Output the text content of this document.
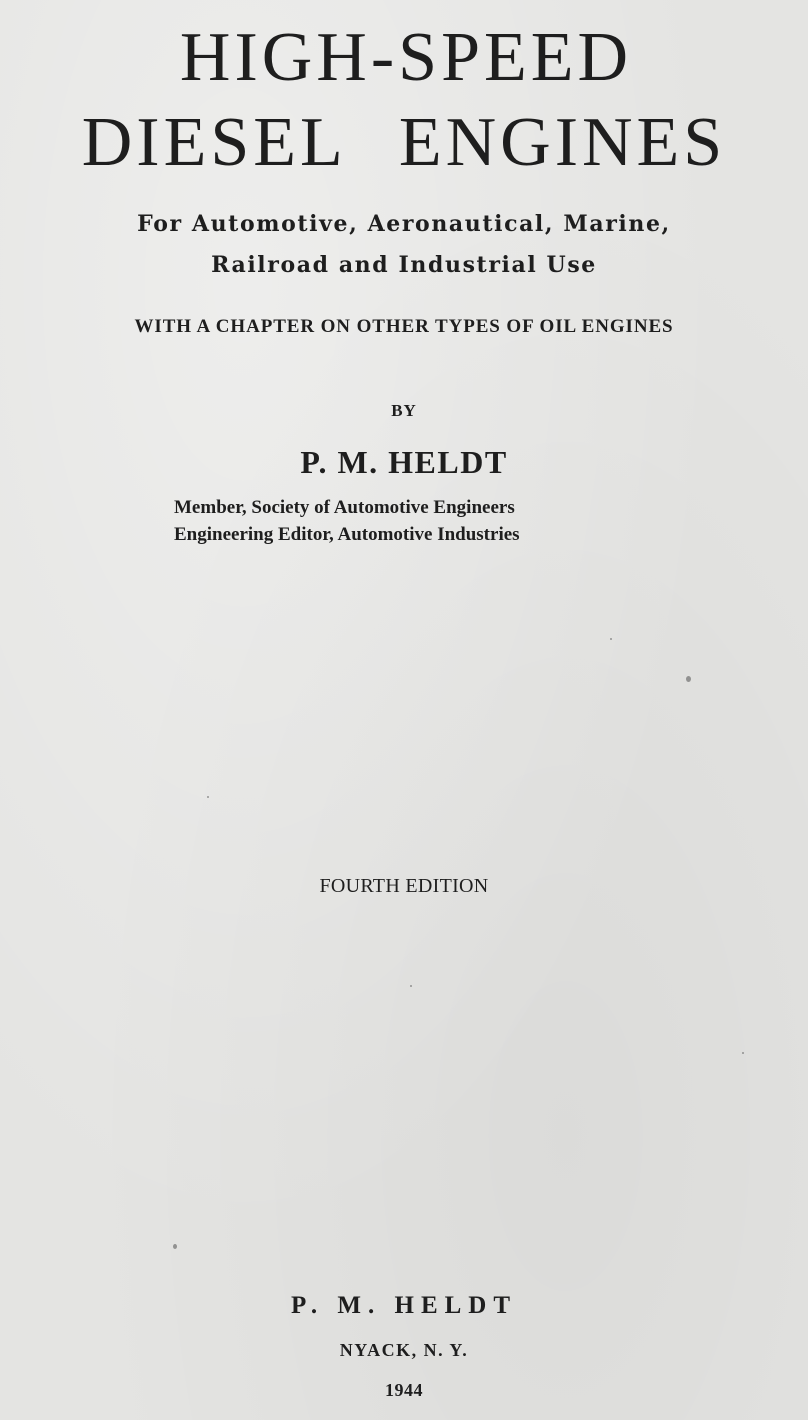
HIGH-SPEED
DIESEL ENGINES
For Automotive, Aeronautical, Marine,
Railroad and Industrial Use
WITH A CHAPTER ON OTHER TYPES OF OIL ENGINES
BY
P. M. HELDT
Member, Society of Automotive Engineers
Engineering Editor, Automotive Industries
FOURTH EDITION
P. M. HELDT
NYACK, N. Y.
1944
